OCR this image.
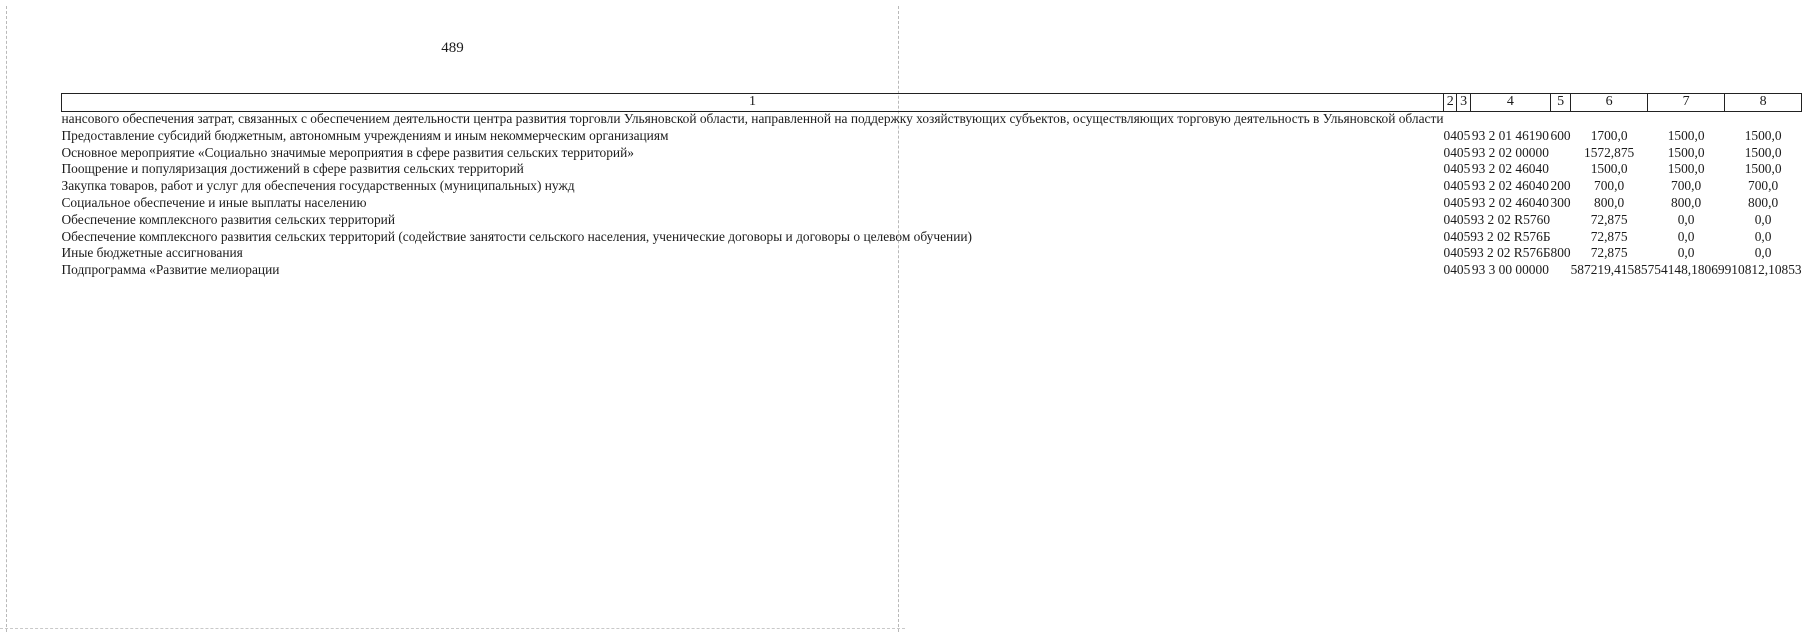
489
1	2	3	4	5	6	7	8
нансового обеспечения затрат, связанных с обеспечением деятельности центра развития торговли Ульяновской области, направленной на поддержку хозяйствующих субъектов, осуществляющих торговую деятельность в Ульяновской области							
Предоставление субсидий бюджетным, автономным учреждениям и иным некоммерческим организациям	04	05	93 2 01 46190	600	1700,0	1500,0	1500,0
Основное мероприятие «Социально значимые мероприятия в сфере развития сельских территорий»	04	05	93 2 02 00000		1572,875	1500,0	1500,0
Поощрение и популяризация достижений в сфере развития сельских территорий	04	05	93 2 02 46040		1500,0	1500,0	1500,0
Закупка товаров, работ и услуг для обеспечения государственных (муниципальных) нужд	04	05	93 2 02 46040	200	700,0	700,0	700,0
Социальное обеспечение и иные выплаты населению	04	05	93 2 02 46040	300	800,0	800,0	800,0
Обеспечение комплексного развития сельских территорий	04	05	93 2 02 R5760		72,875	0,0	0,0
Обеспечение комплексного развития сельских территорий (содействие занятости сельского населения, ученические договоры и договоры о целевом обучении)	04	05	93 2 02 R576Б		72,875	0,0	0,0
Иные бюджетные ассигнования	04	05	93 2 02 R576Б	800	72,875	0,0	0,0
Подпрограмма «Развитие мелиорации	04	05	93 3 00 00000		587219,41585	754148,18069	910812,10853
